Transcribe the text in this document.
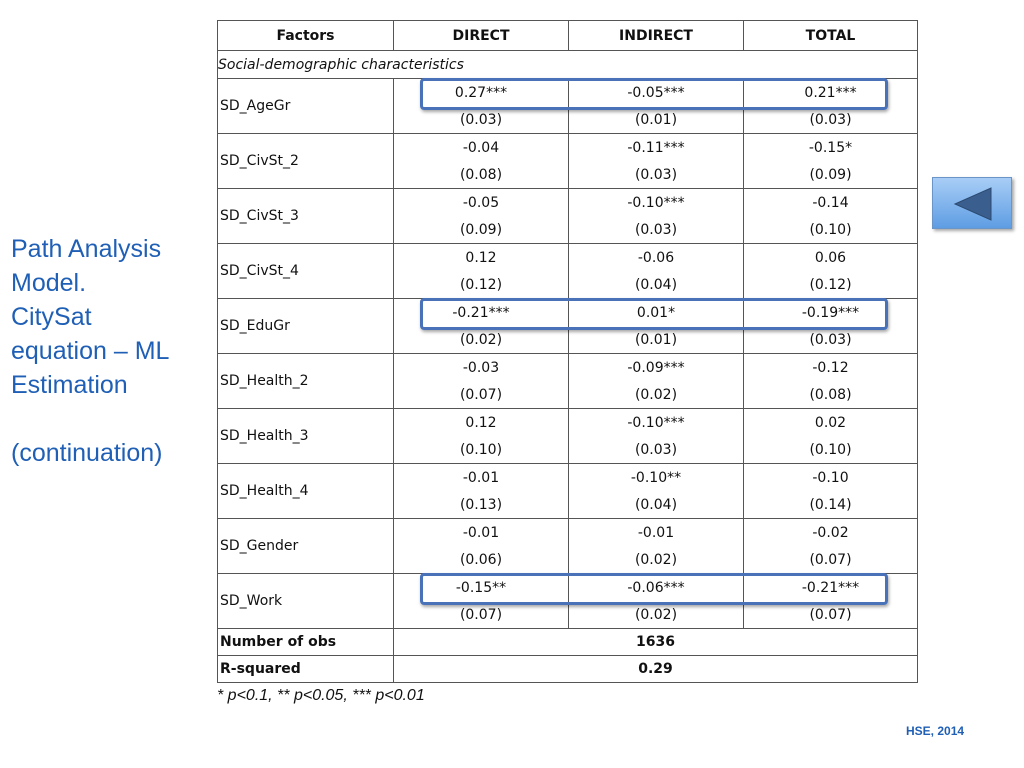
Path Analysis
Model.
CitySat
equation – ML
Estimation
(continuation)
Factors	DIRECT	INDIRECT	TOTAL
Social-demographic characteristics			
SD_AgeGr	0.27***	-0.05***	0.21***
	(0.03)	(0.01)	(0.03)
SD_CivSt_2	-0.04	-0.11***	-0.15*
	(0.08)	(0.03)	(0.09)
SD_CivSt_3	-0.05	-0.10***	-0.14
	(0.09)	(0.03)	(0.10)
SD_CivSt_4	0.12	-0.06	0.06
	(0.12)	(0.04)	(0.12)
SD_EduGr	-0.21***	0.01*	-0.19***
	(0.02)	(0.01)	(0.03)
SD_Health_2	-0.03	-0.09***	-0.12
	(0.07)	(0.02)	(0.08)
SD_Health_3	0.12	-0.10***	0.02
	(0.10)	(0.03)	(0.10)
SD_Health_4	-0.01	-0.10**	-0.10
	(0.13)	(0.04)	(0.14)
SD_Gender	-0.01	-0.01	-0.02
	(0.06)	(0.02)	(0.07)
SD_Work	-0.15**	-0.06***	-0.21***
	(0.07)	(0.02)	(0.07)
Number of obs	1636		
R-squared	0.29		
* p<0.1, ** p<0.05, *** p<0.01
HSE, 2014
